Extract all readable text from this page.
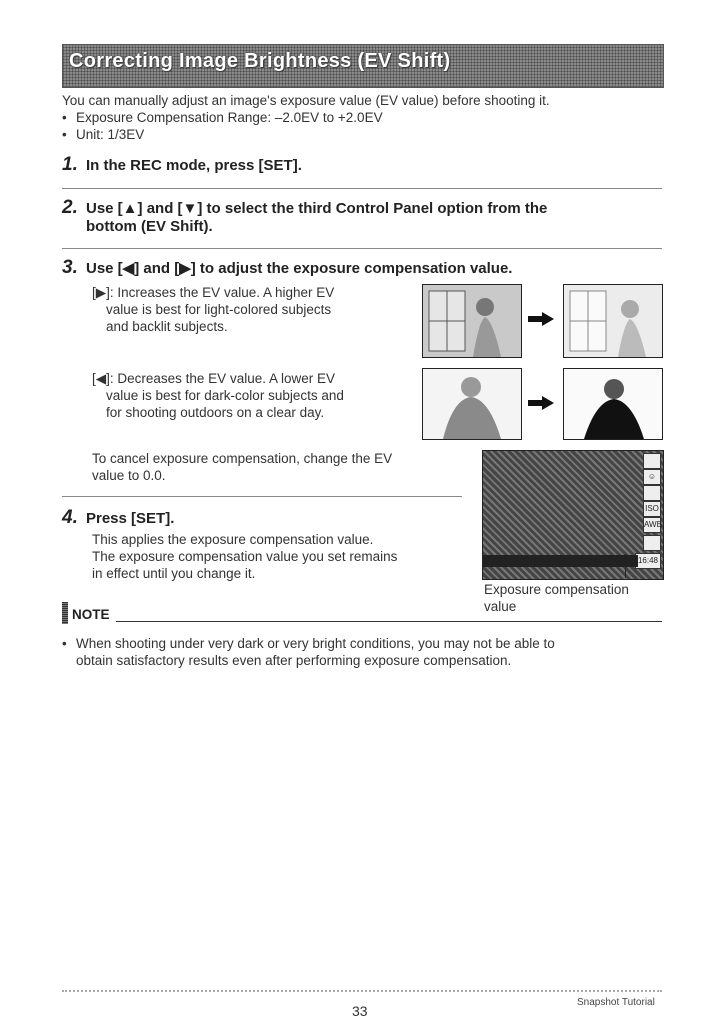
Correcting Image Brightness (EV Shift)
You can manually adjust an image's exposure value (EV value) before shooting it.
• Exposure Compensation Range: –2.0EV to +2.0EV
• Unit: 1/3EV
1. In the REC mode, press [SET].
2. Use [▲] and [▼] to select the third Control Panel option from the
bottom (EV Shift).
3. Use [◀] and [▶] to adjust the exposure compensation value.
[▶]: Increases the EV value. A higher EV
value is best for light-colored subjects
and backlit subjects.
[◀]: Decreases the EV value. A lower EV
value is best for dark-color subjects and
for shooting outdoors on a clear day.
To cancel exposure compensation, change the EV
value to 0.0.
4. Press [SET].
This applies the exposure compensation value.
The exposure compensation value you set remains
in effect until you change it.
☺
ISO
AWB
16:48
Exposure compensation
value
NOTE
• When shooting under very dark or very bright conditions, you may not be able to
obtain satisfactory results even after performing exposure compensation.
33
Snapshot Tutorial
